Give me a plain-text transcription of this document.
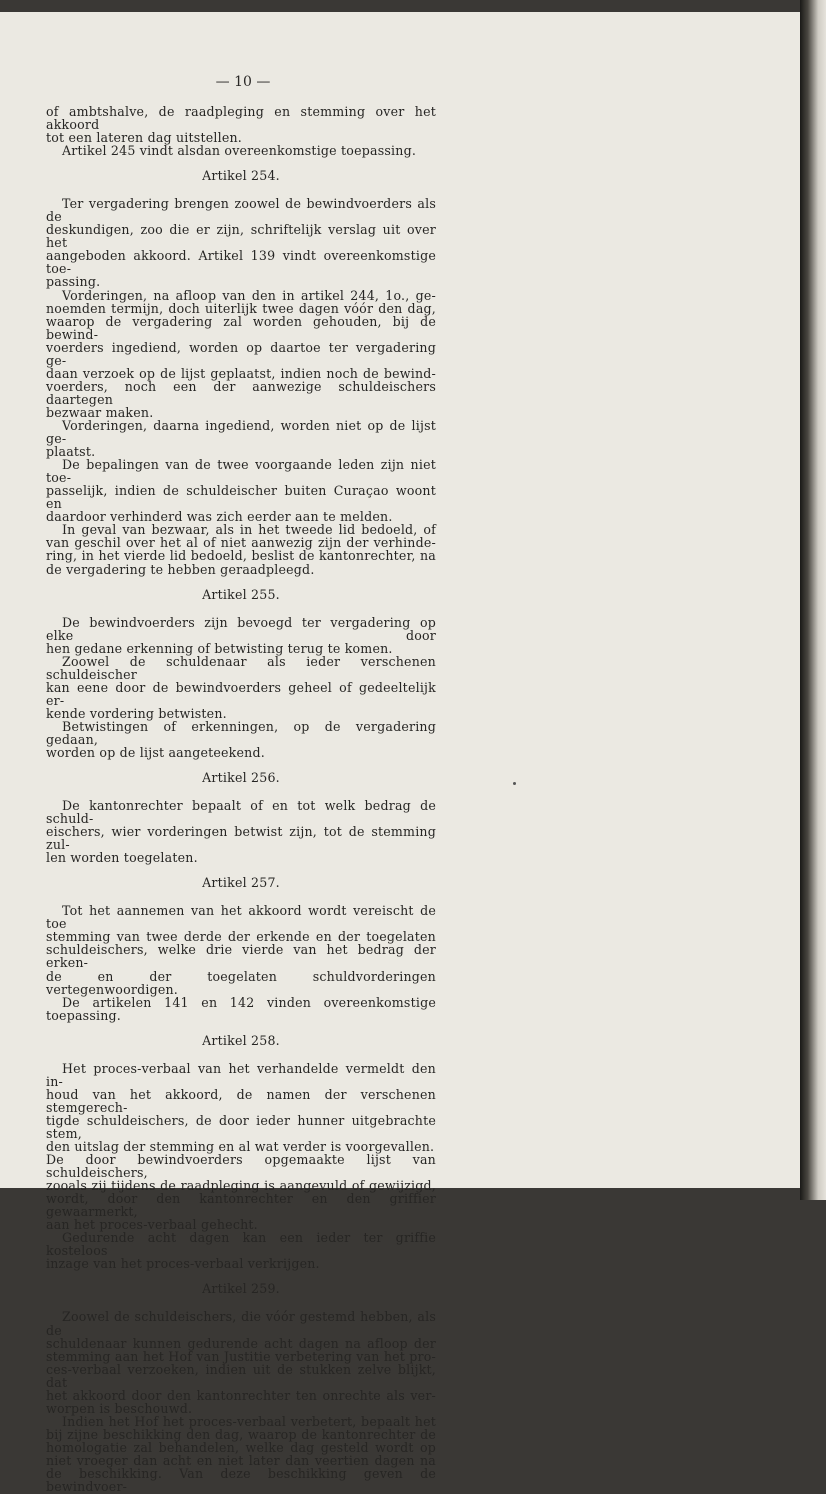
— 10 —

of ambtshalve, de raadpleging en stemming over het akkoord

tot een lateren dag uitstellen.

Artikel 245 vindt alsdan overeenkomstige toepassing.

Artikel 254.

Ter vergadering brengen zoowel de bewindvoerders als de

deskundigen, zoo die er zijn, schriftelijk verslag uit over het

aangeboden akkoord. Artikel 139 vindt overeenkomstige toe-

passing.

Vorderingen, na afloop van den in artikel 244, 1o., ge-

noemden termijn, doch uiterlijk twee dagen vóór den dag,

waarop de vergadering zal worden gehouden, bij de bewind-

voerders ingediend, worden op daartoe ter vergadering ge-

daan verzoek op de lijst geplaatst, indien noch de bewind-

voerders, noch een der aanwezige schuldeischers daartegen

bezwaar maken.

Vorderingen, daarna ingediend, worden niet op de lijst ge-

plaatst.

De bepalingen van de twee voorgaande leden zijn niet toe-

passelijk, indien de schuldeischer buiten Curaçao woont en

daardoor verhinderd was zich eerder aan te melden.

In geval van bezwaar, als in het tweede lid bedoeld, of

van geschil over het al of niet aanwezig zijn der verhinde-

ring, in het vierde lid bedoeld, beslist de kantonrechter, na

de vergadering te hebben geraadpleegd.

Artikel 255.

De bewindvoerders zijn bevoegd ter vergadering op elke door

hen gedane erkenning of betwisting terug te komen.

Zoowel de schuldenaar als ieder verschenen schuldeischer

kan eene door de bewindvoerders geheel of gedeeltelijk er-

kende vordering betwisten.

Betwistingen of erkenningen, op de vergadering gedaan,

worden op de lijst aangeteekend.

Artikel 256.

De kantonrechter bepaalt of en tot welk bedrag de schuld-

eischers, wier vorderingen betwist zijn, tot de stemming zul-

len worden toegelaten.

Artikel 257.

Tot het aannemen van het akkoord wordt vereischt de toe

stemming van twee derde der erkende en der toegelaten

schuldeischers, welke drie vierde van het bedrag der erken-

de en der toegelaten schuldvorderingen vertegenwoordigen.

De artikelen 141 en 142 vinden overeenkomstige toepassing.

Artikel 258.

Het proces-verbaal van het verhandelde vermeldt den in-

houd van het akkoord, de namen der verschenen stemgerech-

tigde schuldeischers, de door ieder hunner uitgebrachte stem,

den uitslag der stemming en al wat verder is voorgevallen.

De door bewindvoerders opgemaakte lijst van schuldeischers,

zooals zij tijdens de raadpleging is aangevuld of gewijzigd,

wordt, door den kantonrechter en den griffier gewaarmerkt,

aan het proces-verbaal gehecht.

Gedurende acht dagen kan een ieder ter griffie kosteloos

inzage van het proces-verbaal verkrijgen.

Artikel 259.

Zoowel de schuldeischers, die vóór gestemd hebben, als de

schuldenaar kunnen gedurende acht dagen na afloop der

stemming aan het Hof van Justitie verbetering van het pro-

ces-verbaal verzoeken, indien uit de stukken zelve blijkt, dat

het akkoord door den kantonrechter ten onrechte als ver-

worpen is beschouwd.

Indien het Hof het proces-verbaal verbetert, bepaalt het

bij zijne beschikking den dag, waarop de kantonrechter de

homologatie zal behandelen, welke dag gesteld wordt op

niet vroeger dan acht en niet later dan veertien dagen na

de beschikking. Van deze beschikking geven de bewindvoer-
